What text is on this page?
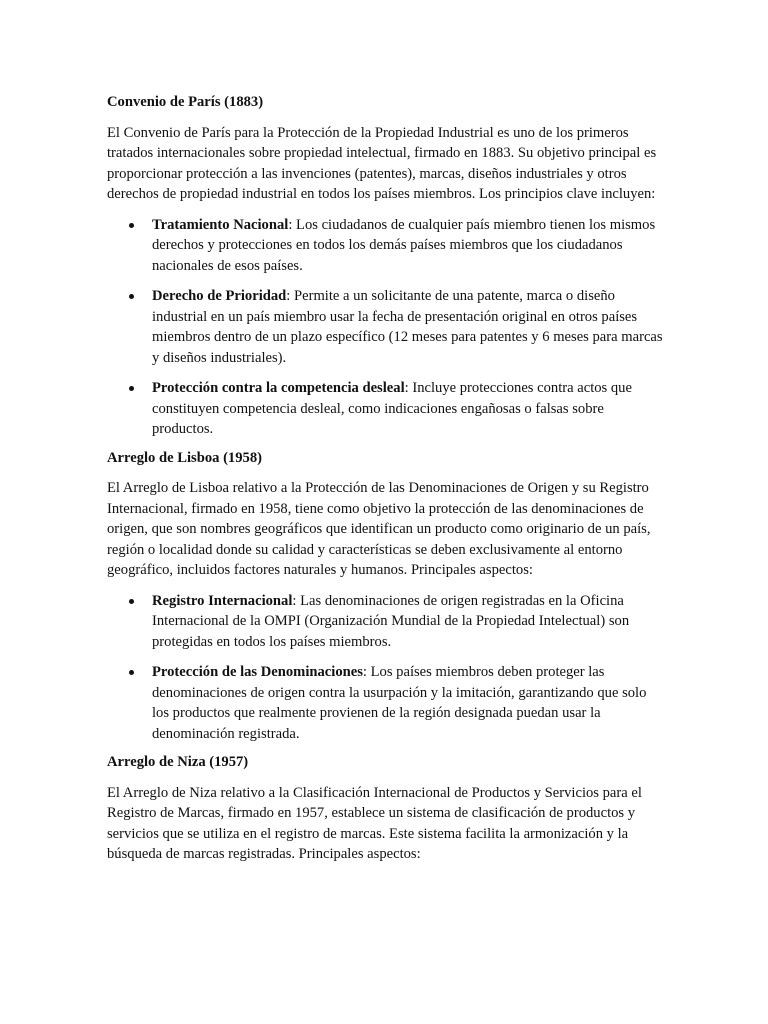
Convenio de París (1883)

El Convenio de París para la Protección de la Propiedad Industrial es uno de los primeros tratados internacionales sobre propiedad intelectual, firmado en 1883. Su objetivo principal es proporcionar protección a las invenciones (patentes), marcas, diseños industriales y otros derechos de propiedad industrial en todos los países miembros. Los principios clave incluyen:

Tratamiento Nacional: Los ciudadanos de cualquier país miembro tienen los mismos derechos y protecciones en todos los demás países miembros que los ciudadanos nacionales de esos países.
Derecho de Prioridad: Permite a un solicitante de una patente, marca o diseño industrial en un país miembro usar la fecha de presentación original en otros países miembros dentro de un plazo específico (12 meses para patentes y 6 meses para marcas y diseños industriales).
Protección contra la competencia desleal: Incluye protecciones contra actos que constituyen competencia desleal, como indicaciones engañosas o falsas sobre productos.
Arreglo de Lisboa (1958)

El Arreglo de Lisboa relativo a la Protección de las Denominaciones de Origen y su Registro Internacional, firmado en 1958, tiene como objetivo la protección de las denominaciones de origen, que son nombres geográficos que identifican un producto como originario de un país, región o localidad donde su calidad y características se deben exclusivamente al entorno geográfico, incluidos factores naturales y humanos. Principales aspectos:

Registro Internacional: Las denominaciones de origen registradas en la Oficina Internacional de la OMPI (Organización Mundial de la Propiedad Intelectual) son protegidas en todos los países miembros.
Protección de las Denominaciones: Los países miembros deben proteger las denominaciones de origen contra la usurpación y la imitación, garantizando que solo los productos que realmente provienen de la región designada puedan usar la denominación registrada.
Arreglo de Niza (1957)

El Arreglo de Niza relativo a la Clasificación Internacional de Productos y Servicios para el Registro de Marcas, firmado en 1957, establece un sistema de clasificación de productos y servicios que se utiliza en el registro de marcas. Este sistema facilita la armonización y la búsqueda de marcas registradas. Principales aspectos:
